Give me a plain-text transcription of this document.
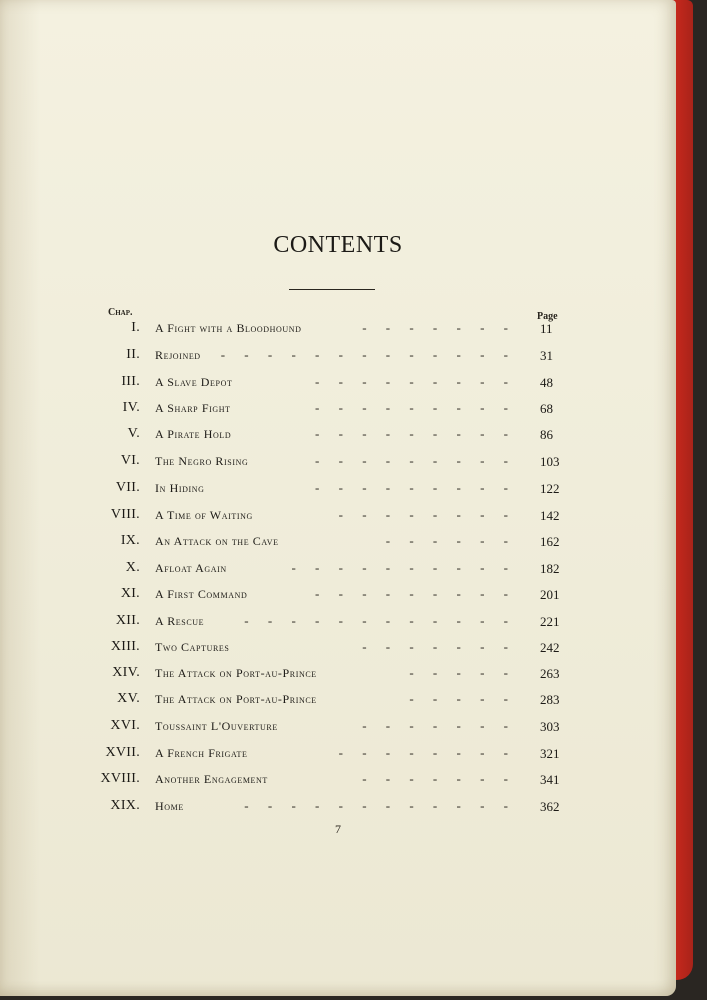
CONTENTS
Chap.	Page
I. A Fight with a Bloodhound	- - - - - - - 11
II. Rejoined - - - - - - - - - - - - - 31
III. A Slave Depot	- - - - - - - - - 48
IV. A Sharp Fight	- - - - - - - - - 68
V. A Pirate Hold	- - - - - - - - - 86
VI. The Negro Rising	- - - - - - - - - 103
VII. In Hiding	- - - - - - - - - 122
VIII. A Time of Waiting	- - - - - - - - 142
IX. An Attack on the Cave	- - - - - - 162
X. Afloat Again	- - - - - - - - - - 182
XI. A First Command	- - - - - - - - - 201
XII. A Rescue	- - - - - - - - - - - - 221
XIII. Two Captures	- - - - - - - 242
XIV. The Attack on Port-au-Prince	- - - - - 263
XV. The Attack on Port-au-Prince	- - - - - 283
XVI. Toussaint L'Ouverture	- - - - - - - 303
XVII. A French Frigate	- - - - - - - - 321
XVIII. Another Engagement	- - - - - - - 341
XIX. Home	- - - - - - - - - - - - 362
7
